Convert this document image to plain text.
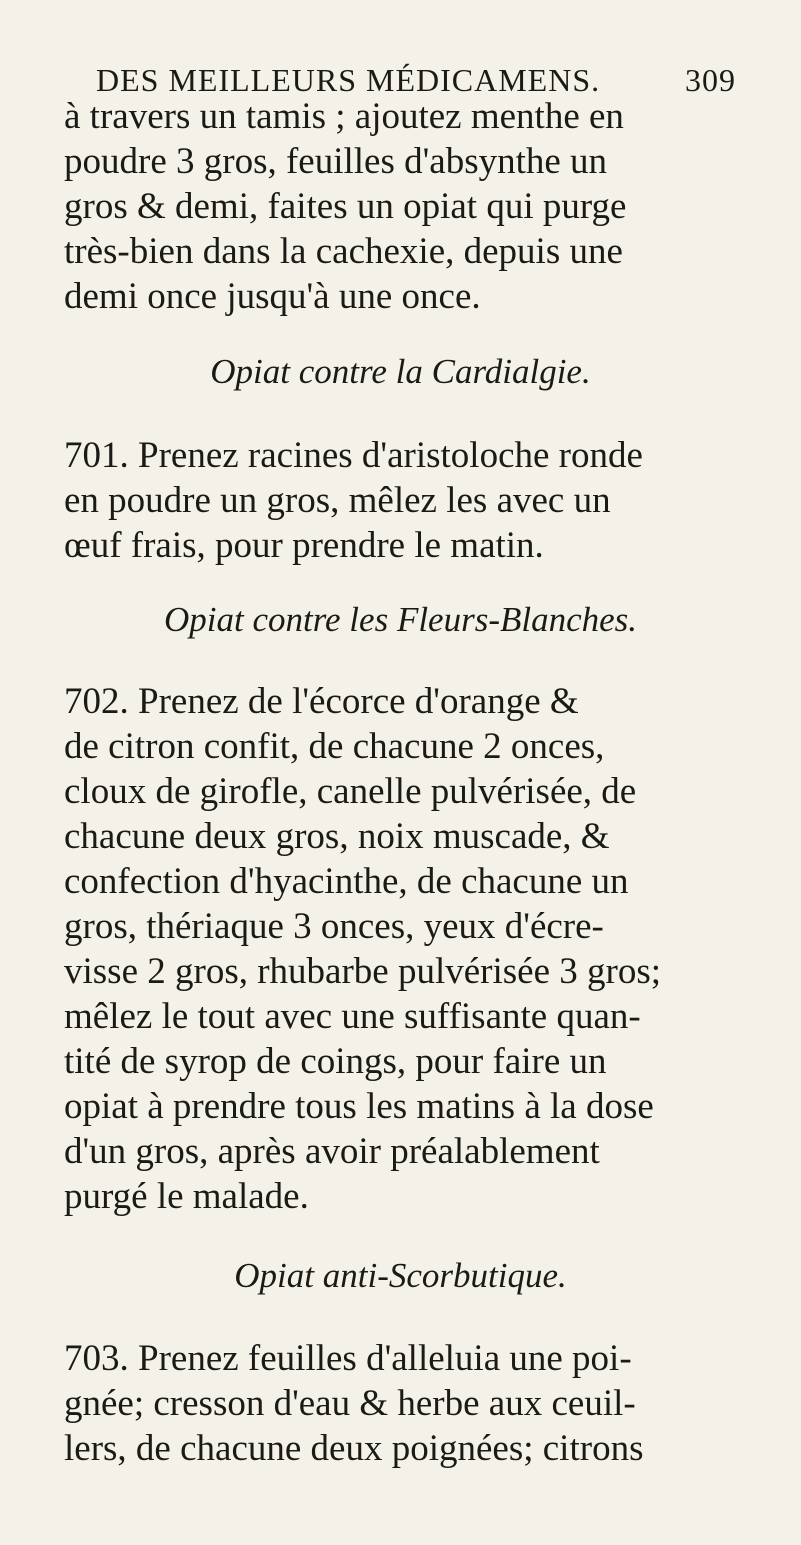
DES MEILLEURS MÉDICAMENS.	309
à travers un tamis ; ajoutez menthe en
poudre 3 gros, feuilles d'absynthe un
gros & demi, faites un opiat qui purge
très-bien dans la cachexie, depuis une
demi once jusqu'à une once.
Opiat contre la Cardialgie.
701. Prenez racines d'aristoloche ronde
en poudre un gros, mêlez les avec un
œuf frais, pour prendre le matin.
Opiat contre les Fleurs-Blanches.
702. Prenez de l'écorce d'orange &
de citron confit, de chacune 2 onces,
cloux de girofle, canelle pulvérisée, de
chacune deux gros, noix muscade, &
confection d'hyacinthe, de chacune un
gros, thériaque 3 onces, yeux d'écre-
visse 2 gros, rhubarbe pulvérisée 3 gros;
mêlez le tout avec une suffisante quan-
tité de syrop de coings, pour faire un
opiat à prendre tous les matins à la dose
d'un gros, après avoir préalablement
purgé le malade.
Opiat anti-Scorbutique.
703. Prenez feuilles d'alleluia une poi-
gnée; cresson d'eau & herbe aux ceuil-
lers, de chacune deux poignées; citrons
